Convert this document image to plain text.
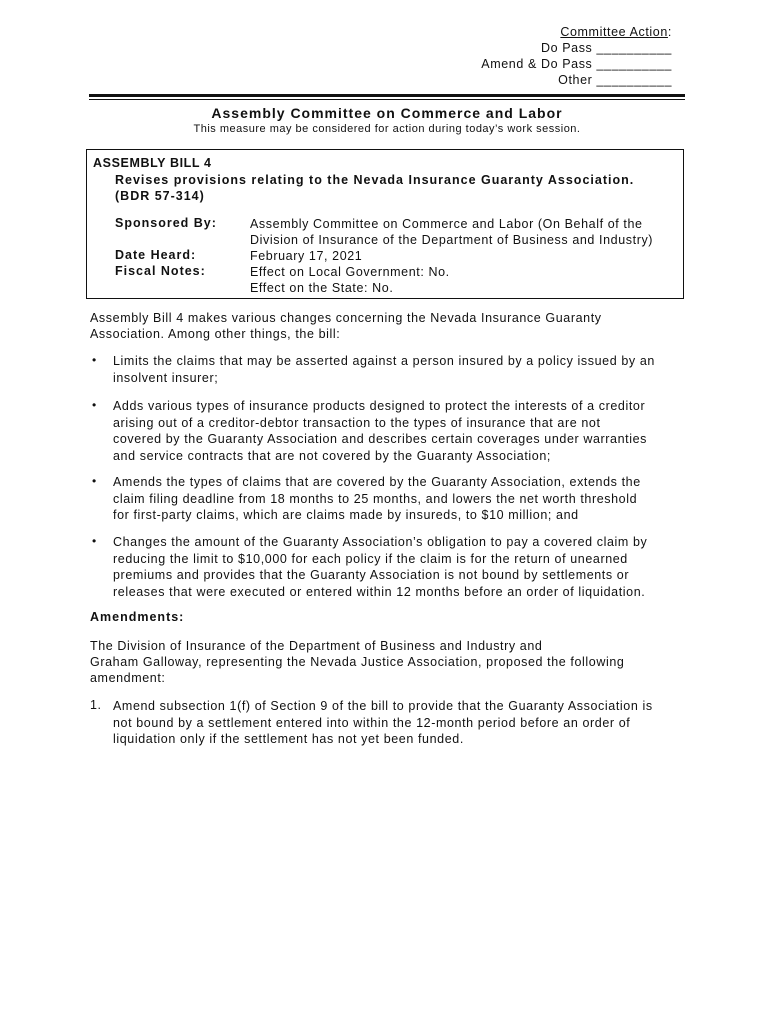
Committee Action:
Do Pass __________
Amend & Do Pass __________
Other __________
Assembly Committee on Commerce and Labor
This measure may be considered for action during today’s work session.
ASSEMBLY BILL 4
Revises provisions relating to the Nevada Insurance Guaranty Association.
(BDR 57-314)
Sponsored By:	Assembly Committee on Commerce and Labor (On Behalf of the
Division of Insurance of the Department of Business and Industry)
Date Heard:	February 17, 2021
Fiscal Notes:	Effect on Local Government: No.
Effect on the State: No.
Assembly Bill 4 makes various changes concerning the Nevada Insurance Guaranty
Association. Among other things, the bill:
• Limits the claims that may be asserted against a person insured by a policy issued by an
insolvent insurer;
• Adds various types of insurance products designed to protect the interests of a creditor
arising out of a creditor-debtor transaction to the types of insurance that are not
covered by the Guaranty Association and describes certain coverages under warranties
and service contracts that are not covered by the Guaranty Association;
• Amends the types of claims that are covered by the Guaranty Association, extends the
claim filing deadline from 18 months to 25 months, and lowers the net worth threshold
for first-party claims, which are claims made by insureds, to $10 million; and
• Changes the amount of the Guaranty Association’s obligation to pay a covered claim by
reducing the limit to $10,000 for each policy if the claim is for the return of unearned
premiums and provides that the Guaranty Association is not bound by settlements or
releases that were executed or entered within 12 months before an order of liquidation.
Amendments:
The Division of Insurance of the Department of Business and Industry and
Graham Galloway, representing the Nevada Justice Association, proposed the following
amendment:
1. Amend subsection 1(f) of Section 9 of the bill to provide that the Guaranty Association is
not bound by a settlement entered into within the 12-month period before an order of
liquidation only if the settlement has not yet been funded.
